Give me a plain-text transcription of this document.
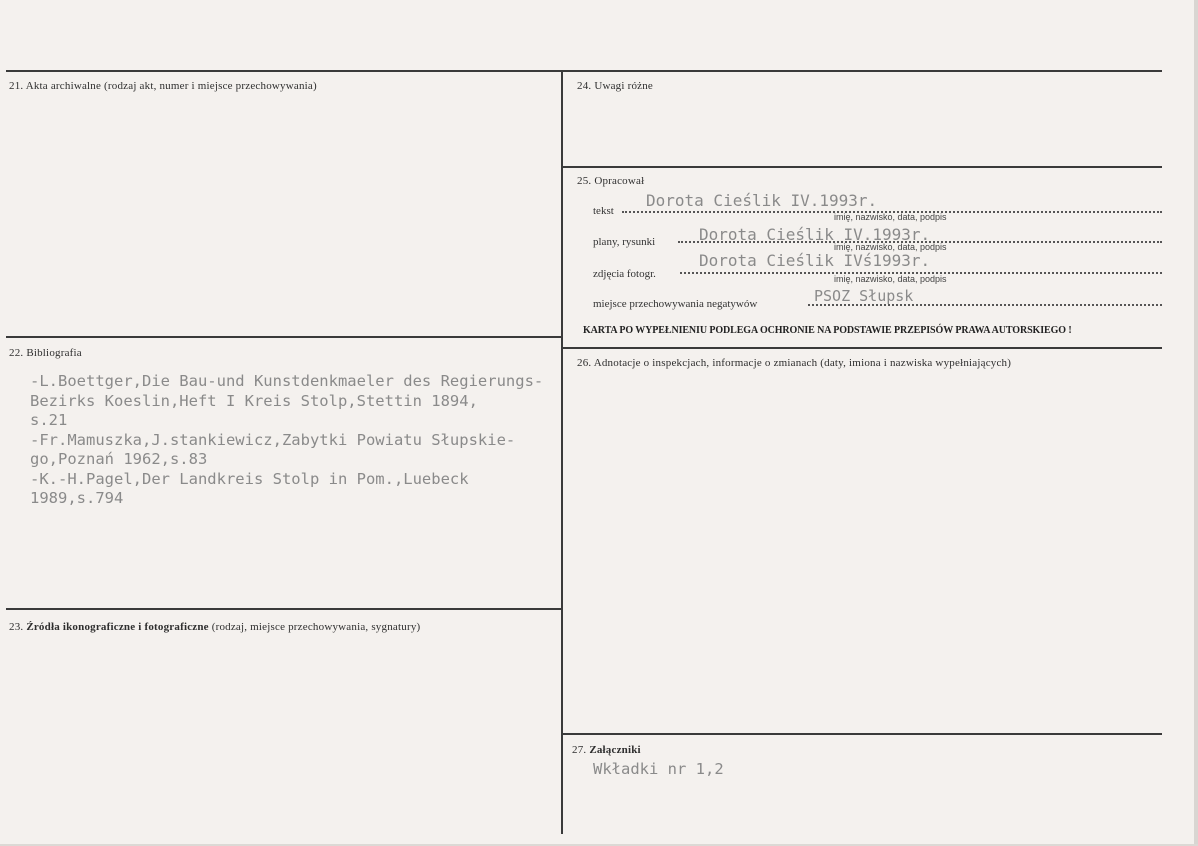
21. Akta archiwalne (rodzaj akt, numer i miejsce przechowywania)
22. Bibliografia
-L.Boettger,Die Bau-und Kunstdenkmaeler des Regierungs-
Bezirks Koeslin,Heft I Kreis Stolp,Stettin 1894,
s.21
-Fr.Mamuszka,J.stankiewicz,Zabytki Powiatu Słupskie-
go,Poznań 1962,s.83
-K.-H.Pagel,Der Landkreis Stolp in Pom.,Luebeck
1989,s.794
23. Źródła ikonograficzne i fotograficzne (rodzaj, miejsce przechowywania, sygnatury)
24. Uwagi różne
25. Opracował
tekst
Dorota Cieślik IV.1993r.
imię, nazwisko, data, podpis
plany, rysunki	Dorota Cieślik IV.1993r.
imię, nazwisko, data, podpis
zdjęcia fotogr.
Dorota Cieślik IVś1993r.
imię, nazwisko, data, podpis
miejsce przechowywania negatywów	PSOZ Słupsk
KARTA PO WYPEŁNIENIU PODLEGA OCHRONIE NA PODSTAWIE PRZEPISÓW PRAWA AUTORSKIEGO !
26. Adnotacje o inspekcjach, informacje o zmianach (daty, imiona i nazwiska wypełniających)
27. Załączniki
Wkładki nr 1,2
